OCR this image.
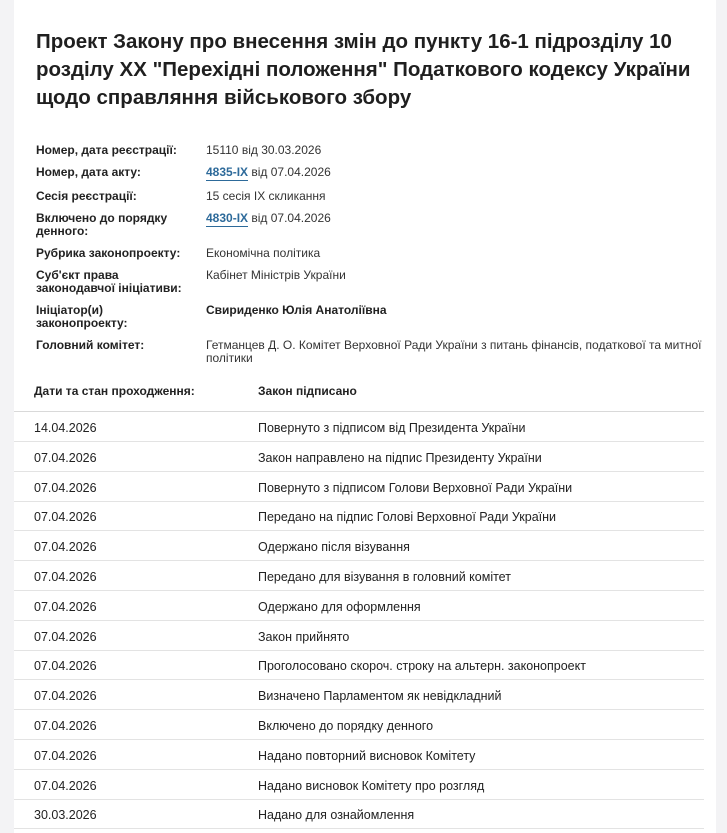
Проект Закону про внесення змін до пункту 16-1 підрозділу 10 розділу XX "Перехідні положення" Податкового кодексу України щодо справляння військового збору
Номер, дата реєстрації:	15110 від 30.03.2026
Номер, дата акту:	4835-IX від 07.04.2026
Сесія реєстрації:	15 сесія IX скликання
Включено до порядку денного:
4830-IX від 07.04.2026
Рубрика законопроекту:	Економічна політика
Суб'єкт права законодавчої ініціативи:
Кабінет Міністрів України
Ініціатор(и) законопроекту:
Свириденко Юлія Анатоліївна
Головний комітет:	Гетманцев Д. О. Комітет Верховної Ради України з питань фінансів, податкової та митної політики
Дати та стан проходження:	Закон підписано
14.04.2026	Повернуто з підписом від Президента України
07.04.2026	Закон направлено на підпис Президенту України
07.04.2026	Повернуто з підписом Голови Верховної Ради України
07.04.2026	Передано на підпис Голові Верховної Ради України
07.04.2026	Одержано після візування
07.04.2026	Передано для візування в головний комітет
07.04.2026	Одержано для оформлення
07.04.2026	Закон прийнято
07.04.2026	Проголосовано скороч. строку на альтерн. законопроект
07.04.2026	Визначено Парламентом як невідкладний
07.04.2026	Включено до порядку денного
07.04.2026	Надано повторний висновок Комітету
07.04.2026	Надано висновок Комітету про розгляд
30.03.2026	Надано для ознайомлення
